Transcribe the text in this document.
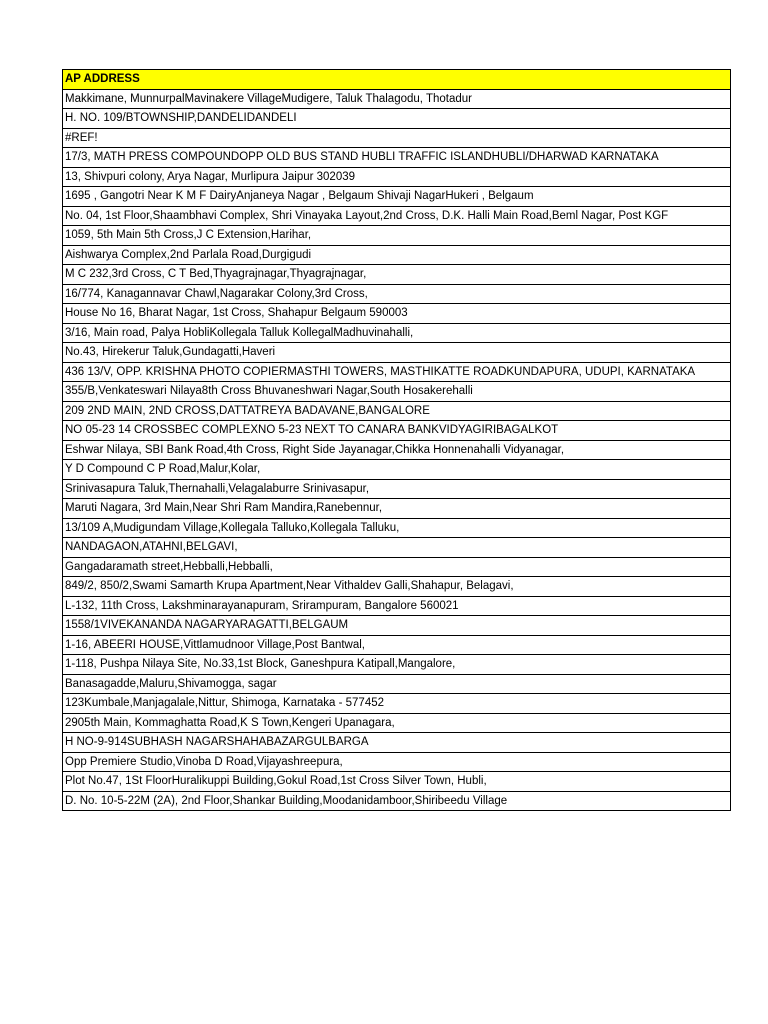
AP ADDRESS
Makkimane, MunnurpalMavinakere VillageMudigere, Taluk Thalagodu, Thotadur
H. NO. 109/BTOWNSHIP,DANDELIDANDELI
#REF!
17/3, MATH PRESS COMPOUNDOPP OLD BUS STAND HUBLI TRAFFIC ISLANDHUBLI/DHARWAD KARNATAKA
13, Shivpuri colony, Arya Nagar, Murlipura Jaipur 302039
1695 , Gangotri Near K M F DairyAnjaneya Nagar , Belgaum Shivaji NagarHukeri , Belgaum
No. 04, 1st Floor,Shaambhavi Complex, Shri Vinayaka Layout,2nd Cross, D.K. Halli Main Road,Beml Nagar, Post KGF
1059, 5th Main 5th Cross,J C Extension,Harihar,
Aishwarya Complex,2nd Parlala Road,Durgigudi
M C 232,3rd Cross, C T Bed,Thyagrajnagar,Thyagrajnagar,
16/774, Kanagannavar Chawl,Nagarakar Colony,3rd Cross,
House No 16, Bharat Nagar, 1st Cross, Shahapur Belgaum 590003
3/16, Main road, Palya HobliKollegala Talluk KollegalMadhuvinahalli,
No.43, Hirekerur Taluk,Gundagatti,Haveri
436 13/V, OPP. KRISHNA PHOTO COPIERMASTHI TOWERS, MASTHIKATTE ROADKUNDAPURA, UDUPI, KARNATAKA
355/B,Venkateswari Nilaya8th Cross Bhuvaneshwari Nagar,South Hosakerehalli
209 2ND MAIN, 2ND CROSS,DATTATREYA BADAVANE,BANGALORE
NO 05-23 14 CROSSBEC COMPLEXNO 5-23 NEXT TO CANARA BANKVIDYAGIRIBAGALKOT
Eshwar Nilaya, SBI Bank Road,4th Cross, Right Side Jayanagar,Chikka Honnenahalli Vidyanagar,
Y D Compound C P Road,Malur,Kolar,
Srinivasapura Taluk,Thernahalli,Velagalaburre Srinivasapur,
Maruti Nagara, 3rd Main,Near Shri Ram Mandira,Ranebennur,
13/109 A,Mudigundam Village,Kollegala Talluko,Kollegala Talluku,
NANDAGAON,ATAHNI,BELGAVI,
Gangadaramath street,Hebballi,Hebballi,
849/2, 850/2,Swami Samarth Krupa Apartment,Near Vithaldev Galli,Shahapur, Belagavi,
L-132, 11th Cross, Lakshminarayanapuram, Srirampuram, Bangalore 560021
1558/1VIVEKANANDA NAGARYARAGATTI,BELGAUM
1-16, ABEERI HOUSE,Vittlamudnoor Village,Post Bantwal,
1-118, Pushpa Nilaya Site, No.33,1st Block, Ganeshpura Katipall,Mangalore,
Banasagadde,Maluru,Shivamogga, sagar
123Kumbale,Manjagalale,Nittur, Shimoga, Karnataka - 577452
2905th Main, Kommaghatta Road,K S Town,Kengeri Upanagara,
H NO-9-914SUBHASH NAGARSHAHABAZARGULBARGA
Opp Premiere Studio,Vinoba D Road,Vijayashreepura,
Plot No.47, 1St FloorHuralikuppi Building,Gokul Road,1st Cross Silver Town, Hubli,
D. No. 10-5-22M (2A), 2nd Floor,Shankar Building,Moodanidamboor,Shiribeedu Village
